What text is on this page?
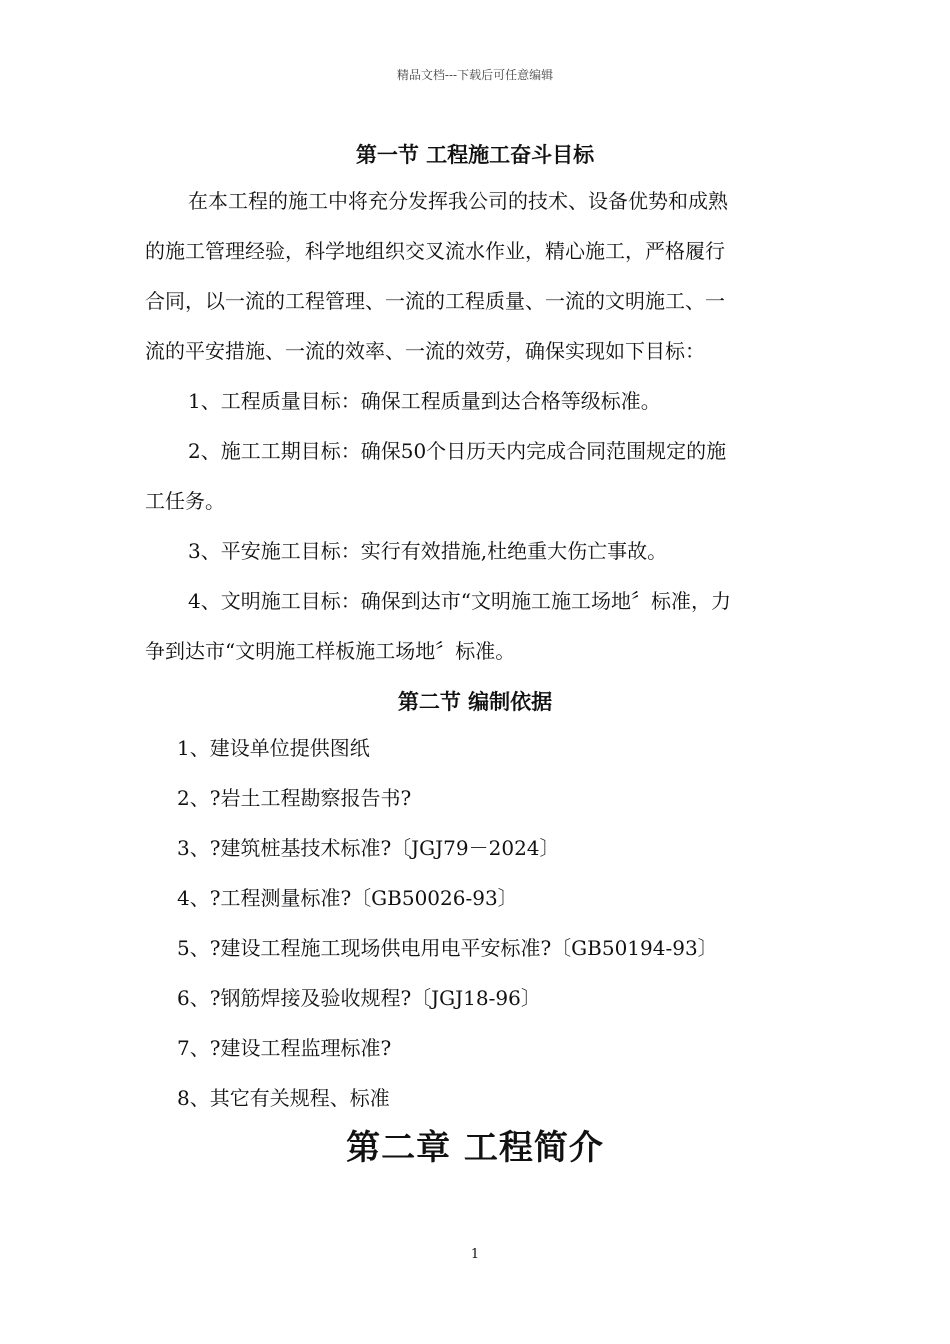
精品文档---下载后可任意编辑
第一节 工程施工奋斗目标
在本工程的施工中将充分发挥我公司的技术、设备优势和成熟
的施工管理经验，科学地组织交叉流水作业，精心施工，严格履行
合同，以一流的工程管理、一流的工程质量、一流的文明施工、一
流的平安措施、一流的效率、一流的效劳，确保实现如下目标：
1、工程质量目标：确保工程质量到达合格等级标准。
2、施工工期目标：确保50个日历天内完成合同范围规定的施
工任务。
3、平安施工目标：实行有效措施,杜绝重大伤亡事故。
4、文明施工目标：确保到达市“文明施工施工场地〞标准，力
争到达市“文明施工样板施工场地〞标准。
第二节 编制依据
1、建设单位提供图纸
2、?岩土工程勘察报告书?
3、?建筑桩基技术标准?〔JGJ79－2024〕
4、?工程测量标准?〔GB50026-93〕
5、?建设工程施工现场供电用电平安标准?〔GB50194-93〕
6、?钢筋焊接及验收规程?〔JGJ18-96〕
7、?建设工程监理标准?
8、其它有关规程、标准
第二章 工程简介
1
